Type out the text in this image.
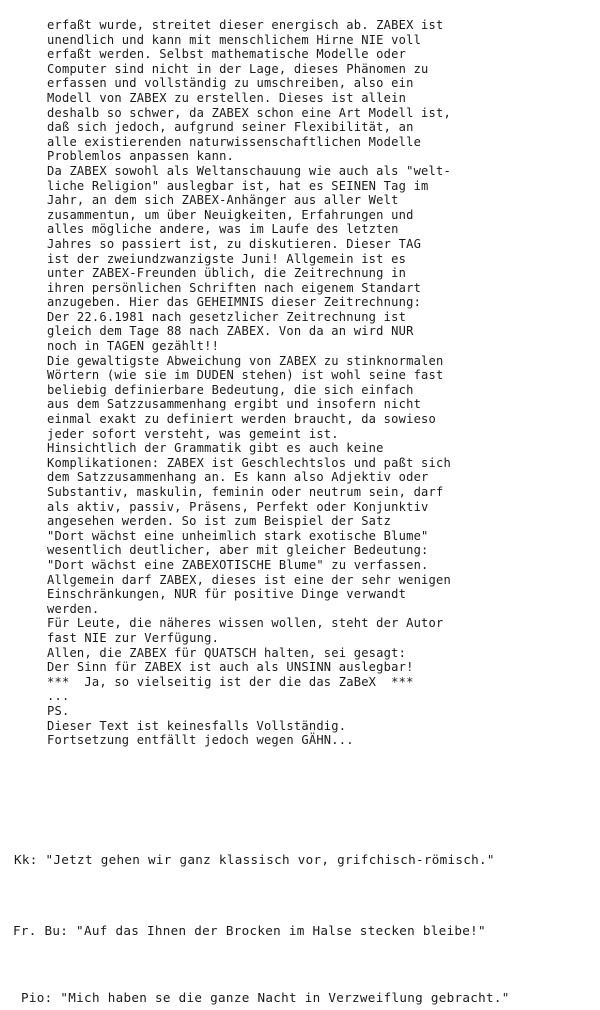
erfaßt wurde, streitet dieser energisch ab. ZABEX ist
unendlich und kann mit menschlichem Hirne NIE voll
erfaßt werden. Selbst mathematische Modelle oder
Computer sind nicht in der Lage, dieses Phänomen zu
erfassen und vollständig zu umschreiben, also ein
Modell von ZABEX zu erstellen. Dieses ist allein
deshalb so schwer, da ZABEX schon eine Art Modell ist,
daß sich jedoch, aufgrund seiner Flexibilität, an
alle existierenden naturwissenschaftlichen Modelle
Problemlos anpassen kann.
Da ZABEX sowohl als Weltanschauung wie auch als "welt-
liche Religion" auslegbar ist, hat es SEINEN Tag im
Jahr, an dem sich ZABEX-Anhänger aus aller Welt
zusammentun, um über Neuigkeiten, Erfahrungen und
alles mögliche andere, was im Laufe des letzten
Jahres so passiert ist, zu diskutieren. Dieser TAG
ist der zweiundzwanzigste Juni! Allgemein ist es
unter ZABEX-Freunden üblich, die Zeitrechnung in
ihren persönlichen Schriften nach eigenem Standart
anzugeben. Hier das GEHEIMNIS dieser Zeitrechnung:
Der 22.6.1981 nach gesetzlicher Zeitrechnung ist
gleich dem Tage 88 nach ZABEX. Von da an wird NUR
noch in TAGEN gezählt!!
Die gewaltigste Abweichung von ZABEX zu stinknormalen
Wörtern (wie sie im DUDEN stehen) ist wohl seine fast
beliebig definierbare Bedeutung, die sich einfach
aus dem Satzzusammenhang ergibt und insofern nicht
einmal exakt zu definiert werden braucht, da sowieso
jeder sofort versteht, was gemeint ist.
Hinsichtlich der Grammatik gibt es auch keine
Komplikationen: ZABEX ist Geschlechtslos und paßt sich
dem Satzzusammenhang an. Es kann also Adjektiv oder
Substantiv, maskulin, feminin oder neutrum sein, darf
als aktiv, passiv, Präsens, Perfekt oder Konjunktiv
angesehen werden. So ist zum Beispiel der Satz
"Dort wächst eine unheimlich stark exotische Blume"
wesentlich deutlicher, aber mit gleicher Bedeutung:
"Dort wächst eine ZABEXOTISCHE Blume" zu verfassen.
Allgemein darf ZABEX, dieses ist eine der sehr wenigen
Einschränkungen, NUR für positive Dinge verwandt
werden.
Für Leute, die näheres wissen wollen, steht der Autor
fast NIE zur Verfügung.
Allen, die ZABEX für QUATSCH halten, sei gesagt:
Der Sinn für ZABEX ist auch als UNSINN auslegbar!
***  Ja, so vielseitig ist der die das ZaBeX  ***
...
PS.
Dieser Text ist keinesfalls Vollständig.
Fortsetzung entfällt jedoch wegen GÄHN...
Kk: "Jetzt gehen wir ganz klassisch vor, grifchisch-römisch."
Fr. Bu: "Auf das Ihnen der Brocken im Halse stecken bleibe!"
Pio: "Mich haben se die ganze Nacht in Verzweiflung gebracht."
